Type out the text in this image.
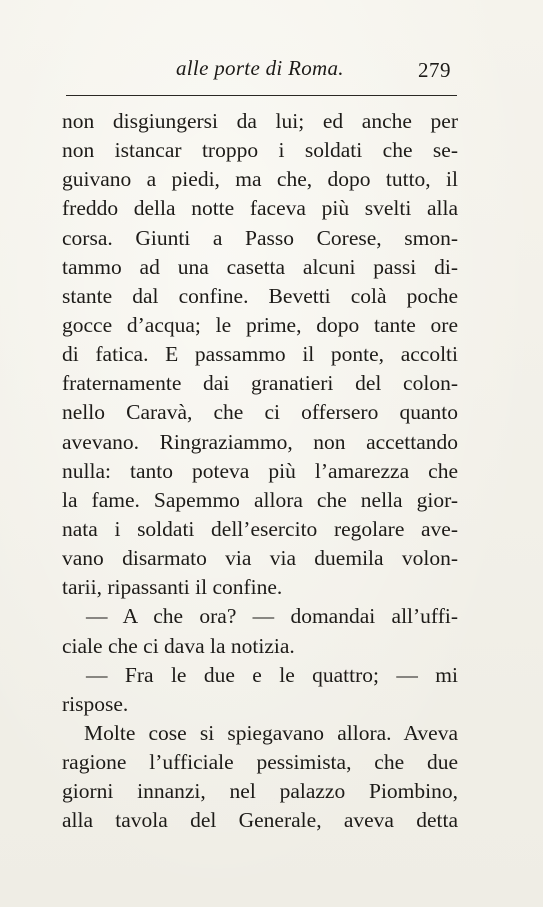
alle porte di Roma.	279
non disgiungersi da lui; ed anche per
non istancar troppo i soldati che se-
guivano a piedi, ma che, dopo tutto, il
freddo della notte faceva più svelti alla
corsa. Giunti a Passo Corese, smon-
tammo ad una casetta alcuni passi di-
stante dal confine. Bevetti colà poche
gocce d’acqua; le prime, dopo tante ore
di fatica. E passammo il ponte, accolti
fraternamente dai granatieri del colon-
nello Caravà, che ci offersero quanto
avevano. Ringraziammo, non accettando
nulla: tanto poteva più l’amarezza che
la fame. Sapemmo allora che nella gior-
nata i soldati dell’esercito regolare ave-
vano disarmato via via duemila volon-
tarii, ripassanti il confine.
— A che ora? — domandai all’uffi-
ciale che ci dava la notizia.
— Fra le due e le quattro; — mi
rispose.
Molte cose si spiegavano allora. Aveva
ragione l’ufficiale pessimista, che due
giorni innanzi, nel palazzo Piombino,
alla tavola del Generale, aveva detta
